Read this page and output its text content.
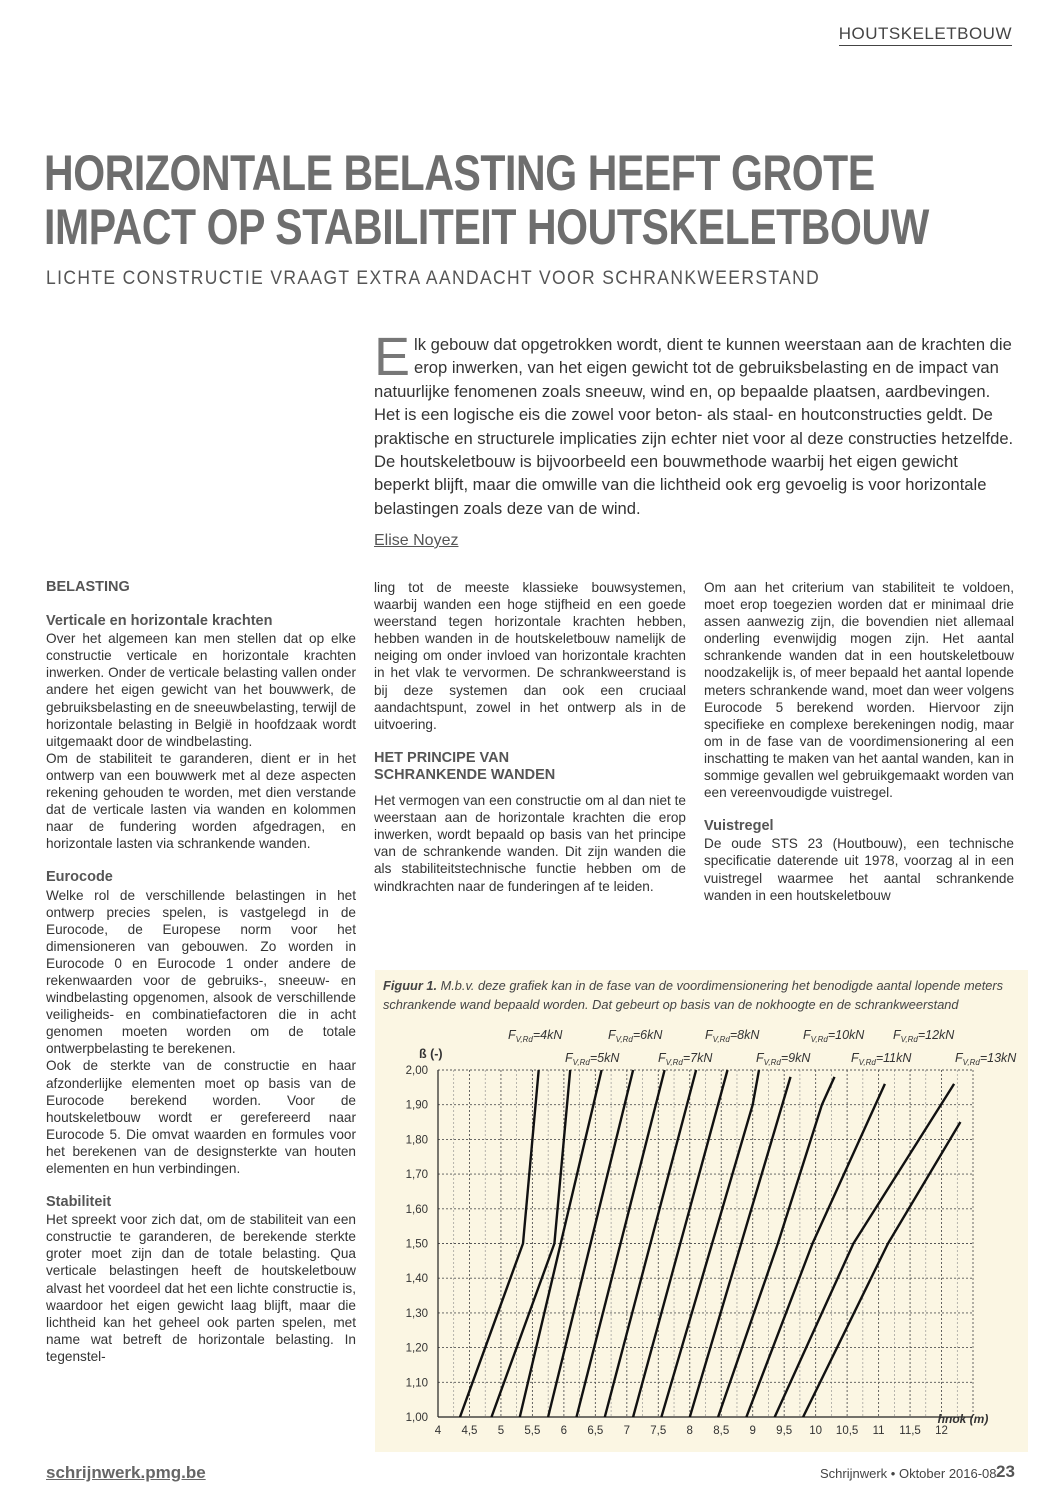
HOUTSKELETBOUW
HORIZONTALE BELASTING HEEFT GROTE
IMPACT OP STABILITEIT HOUTSKELETBOUW
LICHTE CONSTRUCTIE VRAAGT EXTRA AANDACHT VOOR SCHRANKWEERSTAND
Elk gebouw dat opgetrokken wordt, dient te kunnen weerstaan aan de krachten die erop inwerken, van het eigen gewicht tot de gebruiksbelasting en de impact van natuurlijke fenomenen zoals sneeuw, wind en, op bepaalde plaatsen, aardbevingen. Het is een logische eis die zowel voor beton- als staal- en houtconstructies geldt. De praktische en structurele implicaties zijn echter niet voor al deze constructies hetzelfde. De houtskeletbouw is bijvoorbeeld een bouwmethode waarbij het eigen gewicht beperkt blijft, maar die omwille van die lichtheid ook erg gevoelig is voor horizontale belastingen zoals deze van de wind.
Elise Noyez
BELASTING
Verticale en horizontale krachten

Over het algemeen kan men stellen dat op elke constructie verticale en horizontale krachten inwerken. Onder de verticale belasting vallen onder andere het eigen gewicht van het bouwwerk, de gebruiksbelasting en de sneeuwbelasting, terwijl de horizontale belasting in België in hoofdzaak wordt uitgemaakt door de windbelasting.

Om de stabiliteit te garanderen, dient er in het ontwerp van een bouwwerk met al deze aspecten rekening gehouden te worden, met dien verstande dat de verticale lasten via wanden en kolommen naar de fundering worden afgedragen, en horizontale lasten via schrankende wanden.

Eurocode

Welke rol de verschillende belastingen in het ontwerp precies spelen, is vastgelegd in de Eurocode, de Europese norm voor het dimensioneren van gebouwen. Zo worden in Eurocode 0 en Eurocode 1 onder andere de rekenwaarden voor de gebruiks-, sneeuw- en windbelasting opgenomen, alsook de verschillende veiligheids- en combinatiefactoren die in acht genomen moeten worden om de totale ontwerpbelasting te berekenen.

Ook de sterkte van de constructie en haar afzonderlijke elementen moet op basis van de Eurocode berekend worden. Voor de houtskeletbouw wordt er gerefereerd naar Eurocode 5. Die omvat waarden en formules voor het berekenen van de designsterkte van houten elementen en hun verbindingen.

Stabiliteit

Het spreekt voor zich dat, om de stabiliteit van een constructie te garanderen, de berekende sterkte groter moet zijn dan de totale belasting. Qua verticale belastingen heeft de houtskeletbouw alvast het voordeel dat het een lichte constructie is, waardoor het eigen gewicht laag blijft, maar die lichtheid kan het geheel ook parten spelen, met name wat betreft de horizontale belasting. In tegenstel-

ling tot de meeste klassieke bouwsystemen, waarbij wanden een hoge stijfheid en een goede weerstand tegen horizontale krachten hebben, hebben wanden in de houtskeletbouw namelijk de neiging om onder invloed van horizontale krachten in het vlak te vervormen. De schrankweerstand is bij deze systemen dan ook een cruciaal aandachtspunt, zowel in het ontwerp als in de uitvoering.

HET PRINCIPE VAN
SCHRANKENDE WANDEN

Het vermogen van een constructie om al dan niet te weerstaan aan de horizontale krachten die erop inwerken, wordt bepaald op basis van het principe van de schrankende wanden. Dit zijn wanden die als stabiliteitstechnische functie hebben om de windkrachten naar de funderingen af te leiden.

Om aan het criterium van stabiliteit te voldoen, moet erop toegezien worden dat er minimaal drie assen aanwezig zijn, die bovendien niet allemaal onderling evenwijdig mogen zijn. Het aantal schrankende wanden dat in een houtskeletbouw noodzakelijk is, of meer bepaald het aantal lopende meters schrankende wand, moet dan weer volgens Eurocode 5 berekend worden. Hiervoor zijn specifieke en complexe berekeningen nodig, maar om in de fase van de voordimensionering al een inschatting te maken van het aantal wanden, kan in sommige gevallen wel gebruikgemaakt worden van een vereenvoudigde vuistregel.

Vuistregel

De oude STS 23 (Houtbouw), een technische specificatie daterende uit 1978, voorzag al in een vuistregel waarmee het aantal schrankende wanden in een houtskeletbouw

Figuur 1. M.b.v. deze grafiek kan in de fase van de voordimensionering het benodigde aantal lopende meters schrankende wand bepaald worden. Dat gebeurt op basis van de nokhoogte en de schrankweerstand
1,00
1,10
1,20
1,30
1,40
1,50
1,60
1,70
1,80
1,90
2,00
4 4,5 5 5,5 6 6,5 7 7,5 8 8,5 9 9,5 10 10,5 11 11,5 12
ß (-)
hnok (m)
$F_{V,Rd}=4kN$
$F_{V,Rd}=5kN$
$F_{V,Rd}=6kN$
$F_{V,Rd}=7kN$
$F_{V,Rd}=8kN$
$F_{V,Rd}=9kN$
$F_{V,Rd}=10kN$
$F_{V,Rd}=11kN$
$F_{V,Rd}=12kN$
$F_{V,Rd}=13kN$
schrijnwerk.pmg.be	Schrijnwerk • Oktober 2016-08 23
